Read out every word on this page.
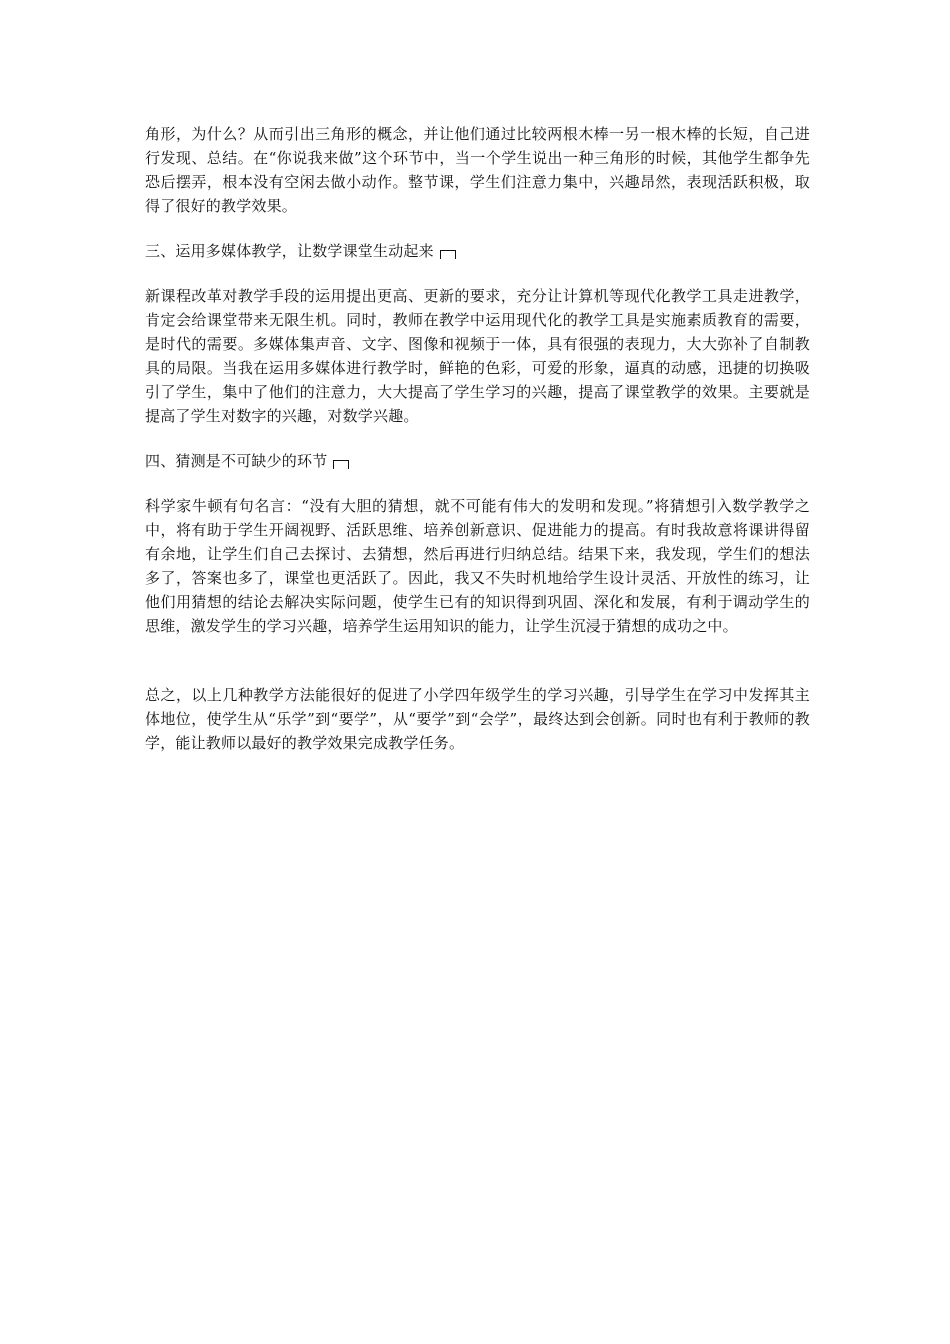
角形，为什么？从而引出三角形的概念，并让他们通过比较两根木棒一另一根木棒的长短，自己进行发现、总结。在“你说我来做”这个环节中，当一个学生说出一种三角形的时候，其他学生都争先恐后摆弄，根本没有空闲去做小动作。整节课，学生们注意力集中，兴趣昂然，表现活跃积极，取得了很好的教学效果。

三、运用多媒体教学，让数学课堂生动起来

新课程改革对教学手段的运用提出更高、更新的要求，充分让计算机等现代化教学工具走进教学，肯定会给课堂带来无限生机。同时，教师在教学中运用现代化的教学工具是实施素质教育的需要，是时代的需要。多媒体集声音、文字、图像和视频于一体，具有很强的表现力，大大弥补了自制教具的局限。当我在运用多媒体进行教学时，鲜艳的色彩，可爱的形象，逼真的动感，迅捷的切换吸引了学生，集中了他们的注意力，大大提高了学生学习的兴趣，提高了课堂教学的效果。主要就是提高了学生对数字的兴趣，对数学兴趣。

四、猜测是不可缺少的环节

科学家牛顿有句名言：“没有大胆的猜想，就不可能有伟大的发明和发现。”将猜想引入数学教学之中，将有助于学生开阔视野、活跃思维、培养创新意识、促进能力的提高。有时我故意将课讲得留有余地，让学生们自己去探讨、去猜想，然后再进行归纳总结。结果下来，我发现，学生们的想法多了，答案也多了，课堂也更活跃了。因此，我又不失时机地给学生设计灵活、开放性的练习，让他们用猜想的结论去解决实际问题，使学生已有的知识得到巩固、深化和发展，有利于调动学生的思维，激发学生的学习兴趣，培养学生运用知识的能力，让学生沉浸于猜想的成功之中。

总之，以上几种教学方法能很好的促进了小学四年级学生的学习兴趣，引导学生在学习中发挥其主体地位，使学生从“乐学”到“要学”，从“要学”到“会学”，最终达到会创新。同时也有利于教师的教学，能让教师以最好的教学效果完成教学任务。
